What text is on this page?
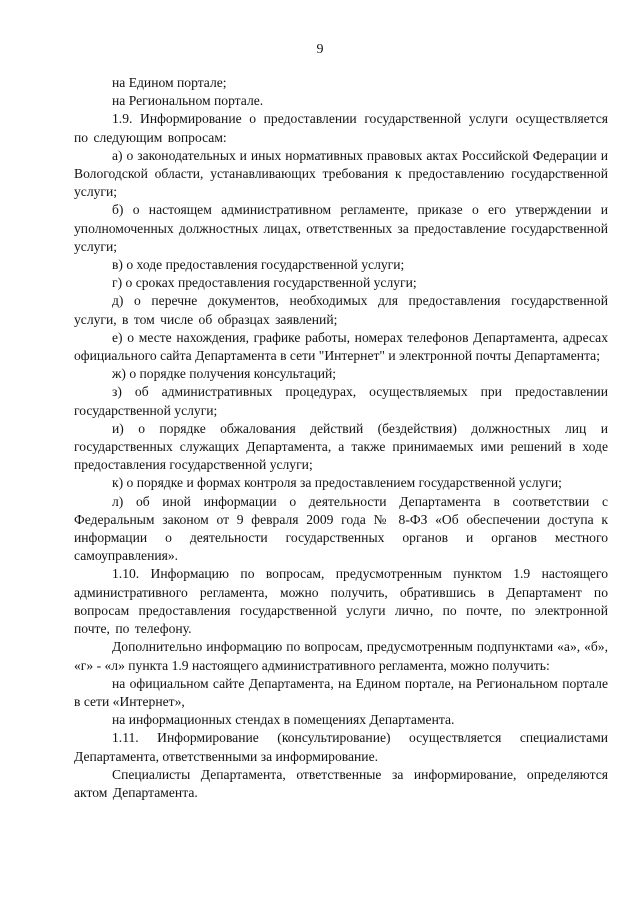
9

на Едином портале;

на Региональном портале.

1.9. Информирование о предоставлении государственной услуги осуществляется по следующим вопросам:

а) о законодательных и иных нормативных правовых актах Российской Федерации и Вологодской области, устанавливающих требования к предоставлению государственной услуги;

б) о настоящем административном регламенте, приказе о его утверждении и уполномоченных должностных лицах, ответственных за предоставление государственной услуги;

в) о ходе предоставления государственной услуги;

г) о сроках предоставления государственной услуги;

д) о перечне документов, необходимых для предоставления государственной услуги, в том числе об образцах заявлений;

е) о месте нахождения, графике работы, номерах телефонов Департамента, адресах официального сайта Департамента в сети "Интернет" и электронной почты Департамента;

ж) о порядке получения консультаций;

з) об административных процедурах, осуществляемых при предоставлении государственной услуги;

и) о порядке обжалования действий (бездействия) должностных лиц и государственных служащих Департамента, а также принимаемых ими решений в ходе предоставления государственной услуги;

к) о порядке и формах контроля за предоставлением государственной услуги;

л) об иной информации о деятельности Департамента в соответствии с Федеральным законом от 9 февраля 2009 года № 8-ФЗ «Об обеспечении доступа к информации о деятельности государственных органов и органов местного самоуправления».

1.10. Информацию по вопросам, предусмотренным пунктом 1.9 настоящего административного регламента, можно получить, обратившись в Департамент по вопросам предоставления государственной услуги лично, по почте, по электронной почте, по телефону.

Дополнительно информацию по вопросам, предусмотренным подпунктами «а», «б», «г» - «л» пункта 1.9 настоящего административного регламента, можно получить:

на официальном сайте Департамента, на Едином портале, на Региональном портале в сети «Интернет»,

на информационных стендах в помещениях Департамента.

1.11. Информирование (консультирование) осуществляется специалистами Департамента, ответственными за информирование.

Специалисты Департамента, ответственные за информирование, определяются актом Департамента.
